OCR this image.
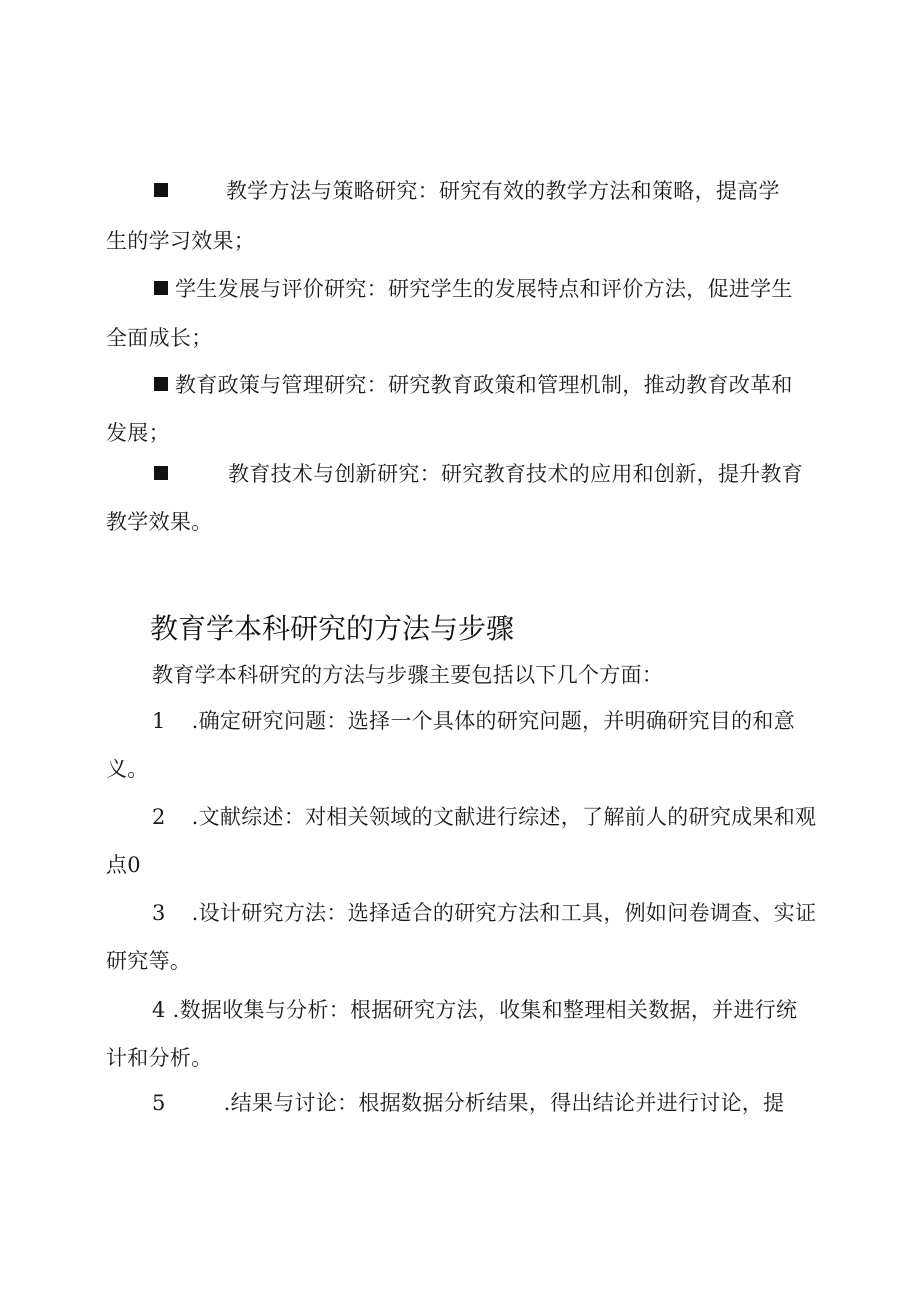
教学方法与策略研究：研究有效的教学方法和策略，提高学
生的学习效果；
学生发展与评价研究：研究学生的发展特点和评价方法，促进学生
全面成长；
教育政策与管理研究：研究教育政策和管理机制，推动教育改革和
发展；
教育技术与创新研究：研究教育技术的应用和创新，提升教育
教学效果。
教育学本科研究的方法与步骤
教育学本科研究的方法与步骤主要包括以下几个方面：
1 .确定研究问题：选择一个具体的研究问题，并明确研究目的和意
义。
2 .文献综述：对相关领域的文献进行综述，了解前人的研究成果和观
点0
3 .设计研究方法：选择适合的研究方法和工具，例如问卷调查、实证
研究等。
4 .数据收集与分析：根据研究方法，收集和整理相关数据，并进行统
计和分析。
5	.结果与讨论：根据数据分析结果，得出结论并进行讨论，提
